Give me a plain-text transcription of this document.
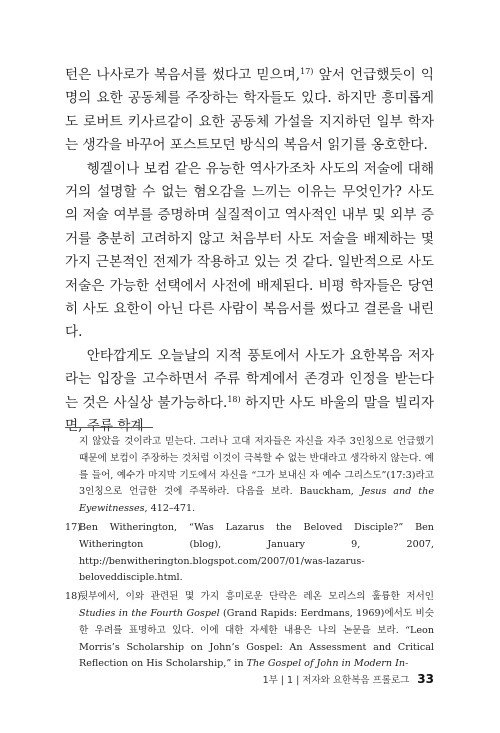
턴은 나사로가 복음서를 썼다고 믿으며,$^{17)}$ 앞서 언급했듯이 익명의 요한 공동체를 주장하는 학자들도 있다. 하지만 흥미롭게도 로버트 키사르같이 요한 공동체 가설을 지지하던 일부 학자는 생각을 바꾸어 포스트모던 방식의 복음서 읽기를 옹호한다.

헹겔이나 보컴 같은 유능한 역사가조차 사도의 저술에 대해 거의 설명할 수 없는 혐오감을 느끼는 이유는 무엇인가? 사도의 저술 여부를 증명하며 실질적이고 역사적인 내부 및 외부 증거를 충분히 고려하지 않고 처음부터 사도 저술을 배제하는 몇 가지 근본적인 전제가 작용하고 있는 것 같다. 일반적으로 사도 저술은 가능한 선택에서 사전에 배제된다. 비평 학자들은 당연히 사도 요한이 아닌 다른 사람이 복음서를 썼다고 결론을 내린다.

안타깝게도 오늘날의 지적 풍토에서 사도가 요한복음 저자라는 입장을 고수하면서 주류 학계에서 존경과 인정을 받는다는 것은 사실상 불가능하다.$^{18)}$ 하지만 사도 바울의 말을 빌리자면, 주류 학계

지 않았을 것이라고 믿는다. 그러나 고대 저자들은 자신을 자주 3인칭으로 언급했기 때문에 보컴이 주장하는 것처럼 이것이 극복할 수 없는 반대라고 생각하지 않는다. 예를 들어, 예수가 마지막 기도에서 자신을 “그가 보내신 자 예수 그리스도”(17:3)라고 3인칭으로 언급한 것에 주목하라. 다음을 보라. Bauckham, Jesus and the Eyewitnesses, 412–471.

17)Ben Witherington, “Was Lazarus the Beloved Disciple?” Ben Witherington (blog), January 9, 2007, http://benwitherington.blogspot.com/2007/01/was-lazarus-beloveddisciple.html.

18)뒷부에서, 이와 관련된 몇 가지 흥미로운 단락은 레온 모리스의 훌륭한 저서인 Studies in the Fourth Gospel (Grand Rapids: Eerdmans, 1969)에서도 비슷한 우려를 표명하고 있다. 이에 대한 자세한 내용은 나의 논문을 보라. “Leon Morris’s Scholarship on John’s Gospel: An Assessment and Critical Reflection on His Scholarship,” in The Gospel of John in Modern In-

1부 | 1 | 저자와 요한복음 프롤로그 33
